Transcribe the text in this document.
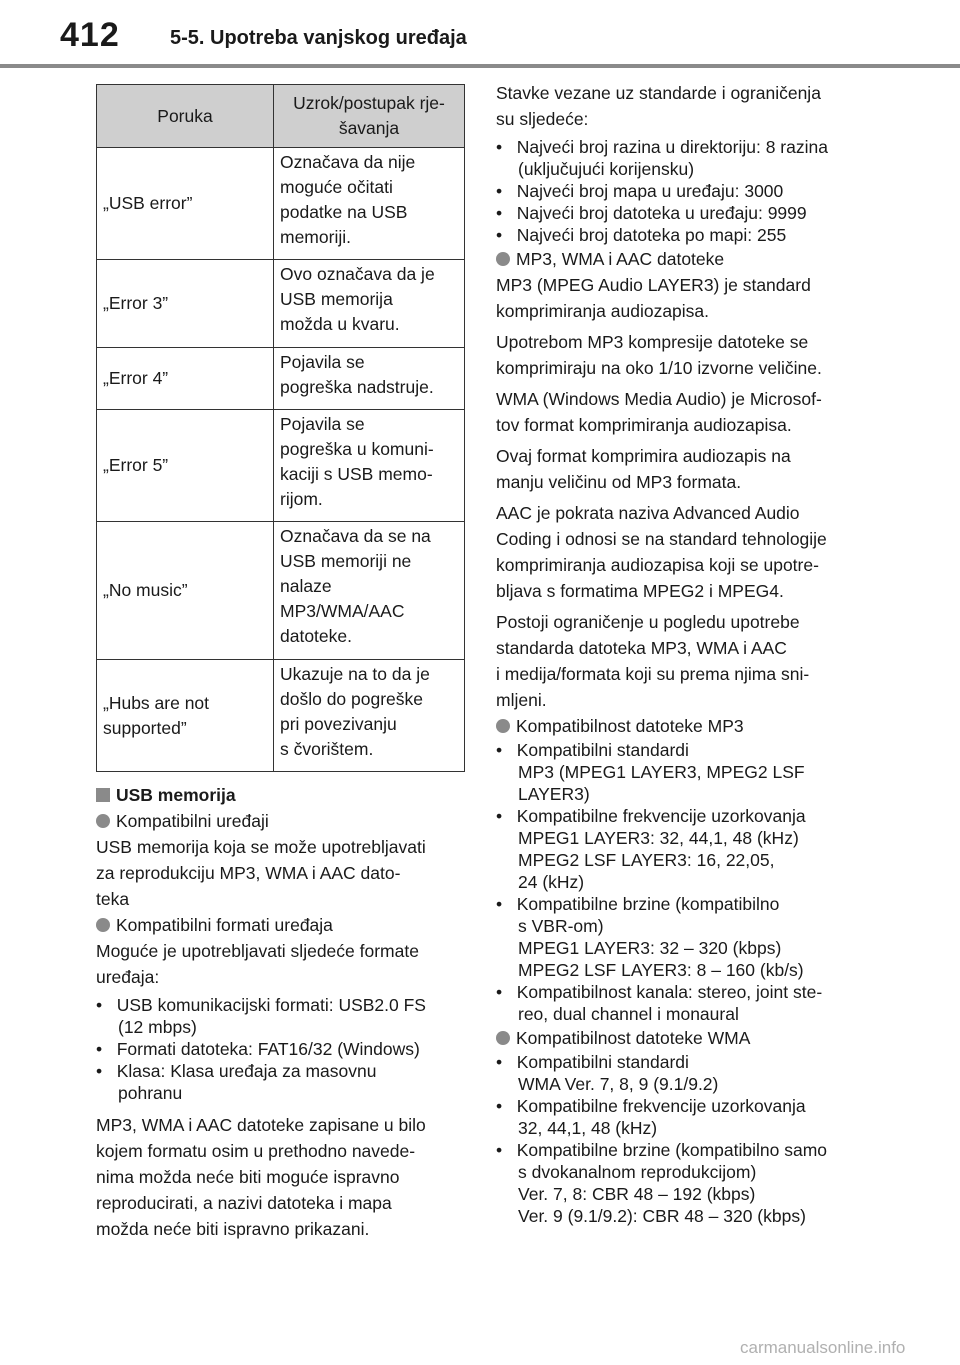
412	5-5. Upotreba vanjskog uređaja
Poruka	Uzrok/postupak rje-
šavanja
„USB error”	Označava da nije
moguće očitati
podatke na USB
memoriji.
„Error 3”	Ovo označava da je
USB memorija
možda u kvaru.
„Error 4”	Pojavila se
pogreška nadstruje.
„Error 5”	Pojavila se
pogreška u komuni-
kaciji s USB memo-
rijom.
„No music”	Označava da se na
USB memoriji ne
nalaze
MP3/WMA/AAC
datoteke.
„Hubs are not
supported”	Ukazuje na to da je
došlo do pogreške
pri povezivanju
s čvorištem.

USB memorija

Kompatibilni uređaji

USB memorija koja se može upotrebljavati
za reprodukciju MP3, WMA i AAC dato-
teka

Kompatibilni formati uređaja

Moguće je upotrebljavati sljedeće formate
uređaja:

•   USB komunikacijski formati: USB2.0 FS

(12 mbps)

•   Formati datoteka: FAT16/32 (Windows)

•   Klasa: Klasa uređaja za masovnu

pohranu

MP3, WMA i AAC datoteke zapisane u bilo
kojem formatu osim u prethodno navede-
nima možda neće biti moguće ispravno
reproducirati, a nazivi datoteka i mapa
možda neće biti ispravno prikazani.

Stavke vezane uz standarde i ograničenja
su sljedeće:

•   Najveći broj razina u direktoriju: 8 razina

(uključujući korijensku)

•   Najveći broj mapa u uređaju: 3000

•   Najveći broj datoteka u uređaju: 9999

•   Najveći broj datoteka po mapi: 255

MP3, WMA i AAC datoteke

MP3 (MPEG Audio LAYER3) je standard
komprimiranja audiozapisa.

Upotrebom MP3 kompresije datoteke se
komprimiraju na oko 1/10 izvorne veličine.

WMA (Windows Media Audio) je Microsof-
tov format komprimiranja audiozapisa.

Ovaj format komprimira audiozapis na
manju veličinu od MP3 formata.

AAC je pokrata naziva Advanced Audio
Coding i odnosi se na standard tehnologije
komprimiranja audiozapisa koji se upotre-
bljava s formatima MPEG2 i MPEG4.

Postoji ograničenje u pogledu upotrebe
standarda datoteka MP3, WMA i AAC
i medija/formata koji su prema njima sni-
mljeni.

Kompatibilnost datoteke MP3

•   Kompatibilni standardi

MP3 (MPEG1 LAYER3, MPEG2 LSF
LAYER3)

•   Kompatibilne frekvencije uzorkovanja

MPEG1 LAYER3: 32, 44,1, 48 (kHz)
MPEG2 LSF LAYER3: 16, 22,05,
24 (kHz)

•   Kompatibilne brzine (kompatibilno

s VBR-om)
MPEG1 LAYER3: 32 – 320 (kbps)
MPEG2 LSF LAYER3: 8 – 160 (kb/s)

•   Kompatibilnost kanala: stereo, joint ste-

reo, dual channel i monaural

Kompatibilnost datoteke WMA

•   Kompatibilni standardi

WMA Ver. 7, 8, 9 (9.1/9.2)

•   Kompatibilne frekvencije uzorkovanja

32, 44,1, 48 (kHz)

•   Kompatibilne brzine (kompatibilno samo

s dvokanalnom reprodukcijom)
Ver. 7, 8: CBR 48 – 192 (kbps)
Ver. 9 (9.1/9.2): CBR 48 – 320 (kbps)

carmanualsonline.info
